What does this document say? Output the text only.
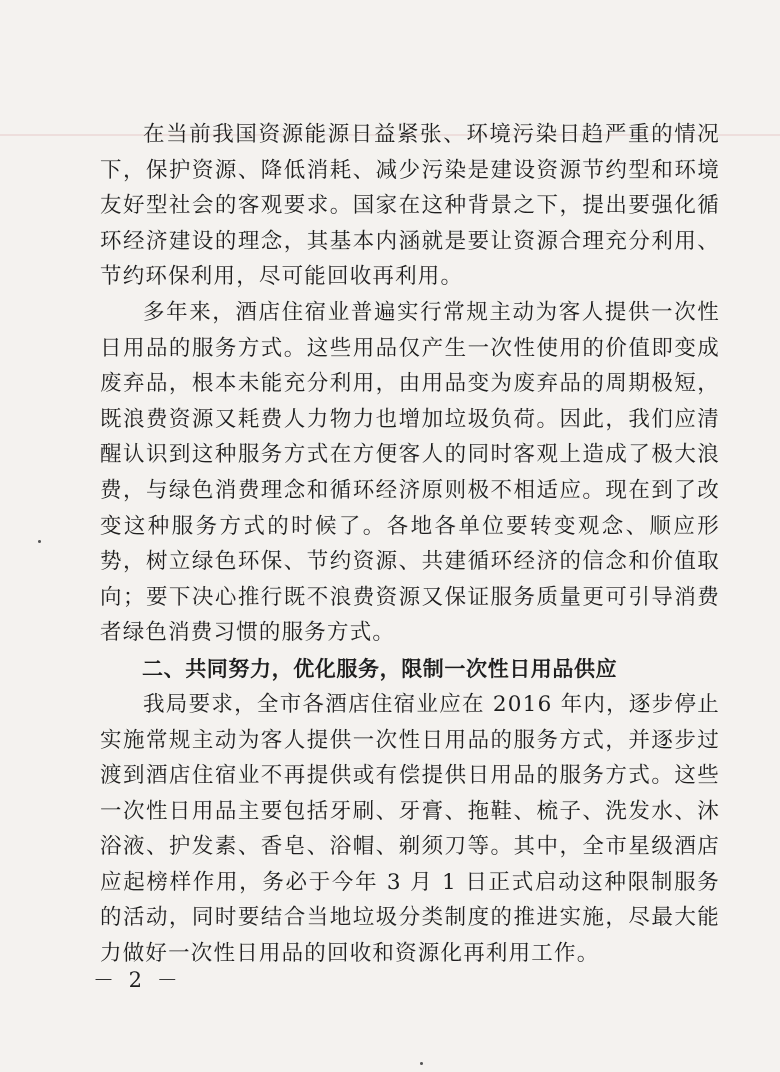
在当前我国资源能源日益紧张、环境污染日趋严重的情况下，保护资源、降低消耗、减少污染是建设资源节约型和环境友好型社会的客观要求。国家在这种背景之下，提出要强化循环经济建设的理念，其基本内涵就是要让资源合理充分利用、节约环保利用，尽可能回收再利用。

多年来，酒店住宿业普遍实行常规主动为客人提供一次性日用品的服务方式。这些用品仅产生一次性使用的价值即变成废弃品，根本未能充分利用，由用品变为废弃品的周期极短，既浪费资源又耗费人力物力也增加垃圾负荷。因此，我们应清醒认识到这种服务方式在方便客人的同时客观上造成了极大浪费，与绿色消费理念和循环经济原则极不相适应。现在到了改变这种服务方式的时候了。各地各单位要转变观念、顺应形势，树立绿色环保、节约资源、共建循环经济的信念和价值取向；要下决心推行既不浪费资源又保证服务质量更可引导消费者绿色消费习惯的服务方式。

二、共同努力，优化服务，限制一次性日用品供应

我局要求，全市各酒店住宿业应在 2016 年内，逐步停止实施常规主动为客人提供一次性日用品的服务方式，并逐步过渡到酒店住宿业不再提供或有偿提供日用品的服务方式。这些一次性日用品主要包括牙刷、牙膏、拖鞋、梳子、洗发水、沐浴液、护发素、香皂、浴帽、剃须刀等。其中，全市星级酒店应起榜样作用，务必于今年 3 月 1 日正式启动这种限制服务的活动，同时要结合当地垃圾分类制度的推进实施，尽最大能力做好一次性日用品的回收和资源化再利用工作。

－ 2 －
